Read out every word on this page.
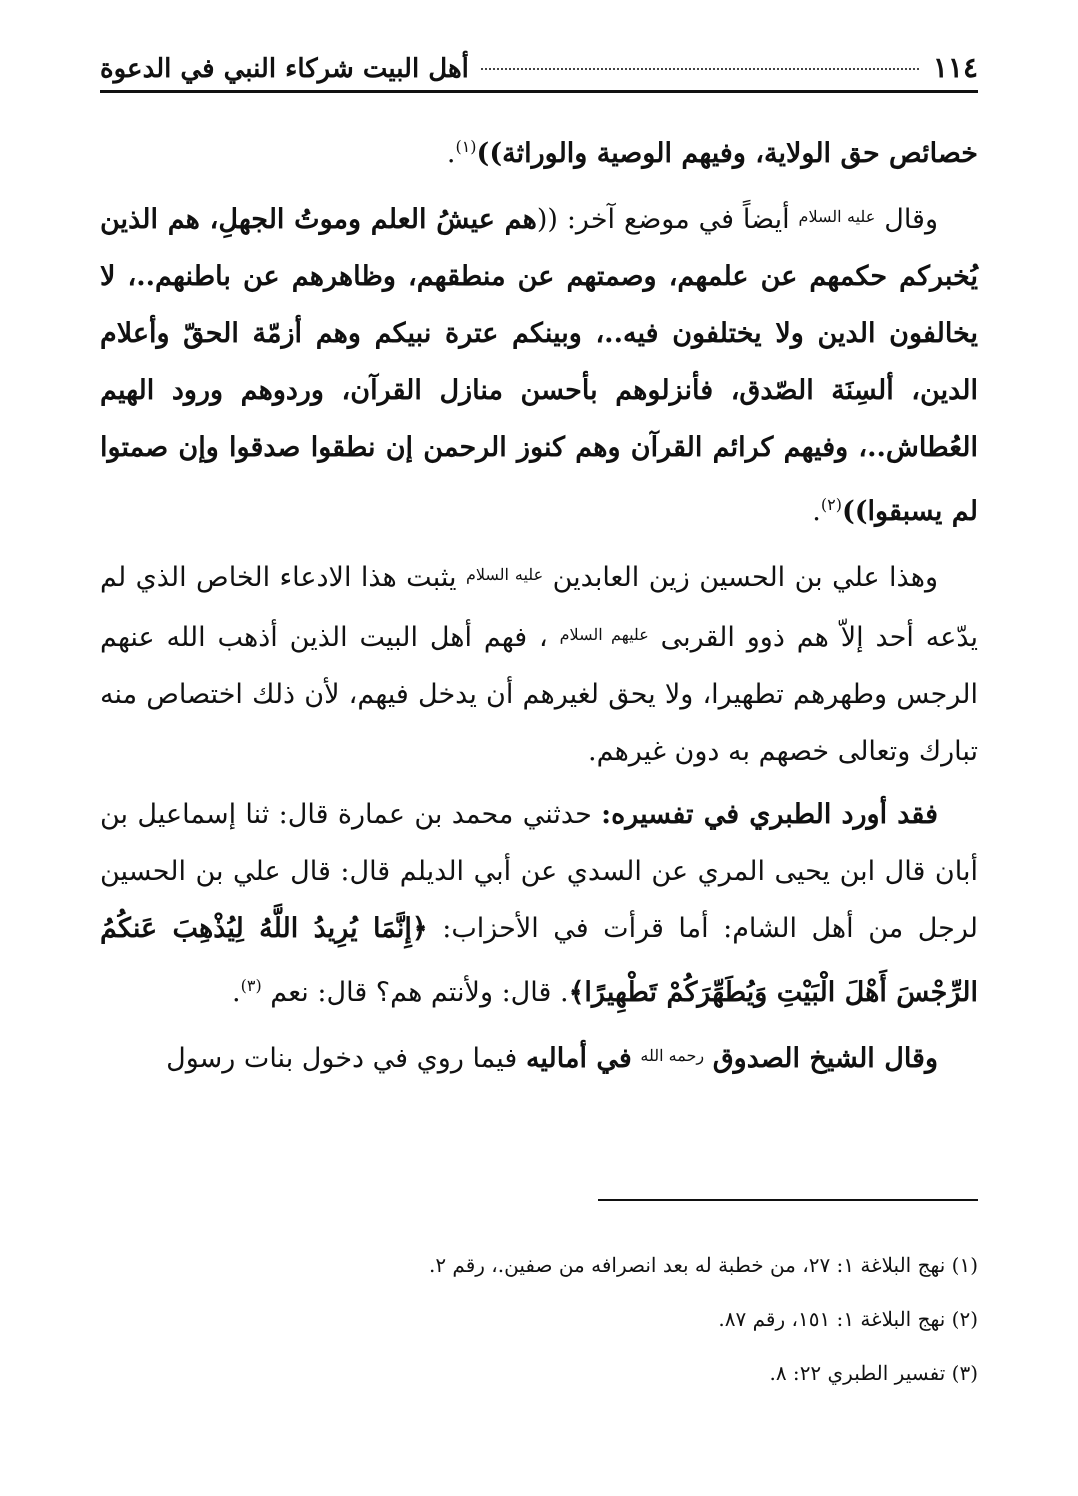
١١٤
أهل البيت شركاء النبي في الدعوة

خصائص حق الولاية، وفيهم الوصية والوراثة))$^{(١)}$.

وقال $^{عليه السلام}$ أيضاً في موضع آخر: ((هم عيشُ العلم وموتُ الجهلِ، هم الذين يُخبركم حكمهم عن علمهم، وصمتهم عن منطقهم، وظاهرهم عن باطنهم..، لا يخالفون الدين ولا يختلفون فيه..، وبينكم عترة نبيكم وهم أزمّة الحقّ وأعلام الدين، ألسِنَة الصّدق، فأنزلوهم بأحسن منازل القرآن، وردوهم ورود الهيم العُطاش..، وفيهم كرائم القرآن وهم كنوز الرحمن إن نطقوا صدقوا وإن صمتوا لم يسبقوا))$^{(٢)}$.

وهذا علي بن الحسين زين العابدين $^{عليه السلام}$ يثبت هذا الادعاء الخاص الذي لم يدّعه أحد إلاّ هم ذوو القربى $^{عليهم السلام}$ ، فهم أهل البيت الذين أذهب الله عنهم الرجس وطهرهم تطهيرا، ولا يحق لغيرهم أن يدخل فيهم، لأن ذلك اختصاص منه تبارك وتعالى خصهم به دون غيرهم.

فقد أورد الطبري في تفسيره: حدثني محمد بن عمارة قال: ثنا إسماعيل بن أبان قال ابن يحيى المري عن السدي عن أبي الديلم قال: قال علي بن الحسين لرجل من أهل الشام: أما قرأت في الأحزاب: ﴿إِنَّمَا يُرِيدُ اللَّهُ لِيُذْهِبَ عَنكُمُ الرِّجْسَ أَهْلَ الْبَيْتِ وَيُطَهِّرَكُمْ تَطْهِيرًا﴾. قال: ولأنتم هم؟ قال: نعم $^{(٣)}$.

وقال الشيخ الصدوق $^{رحمه الله}$ في أماليه فيما روي في دخول بنات رسول

(١) نهج البلاغة ١: ٢٧، من خطبة له بعد انصرافه من صفين.، رقم ٢.
(٢) نهج البلاغة ١: ١٥١، رقم ٨٧.
(٣) تفسير الطبري ٢٢: ٨.
